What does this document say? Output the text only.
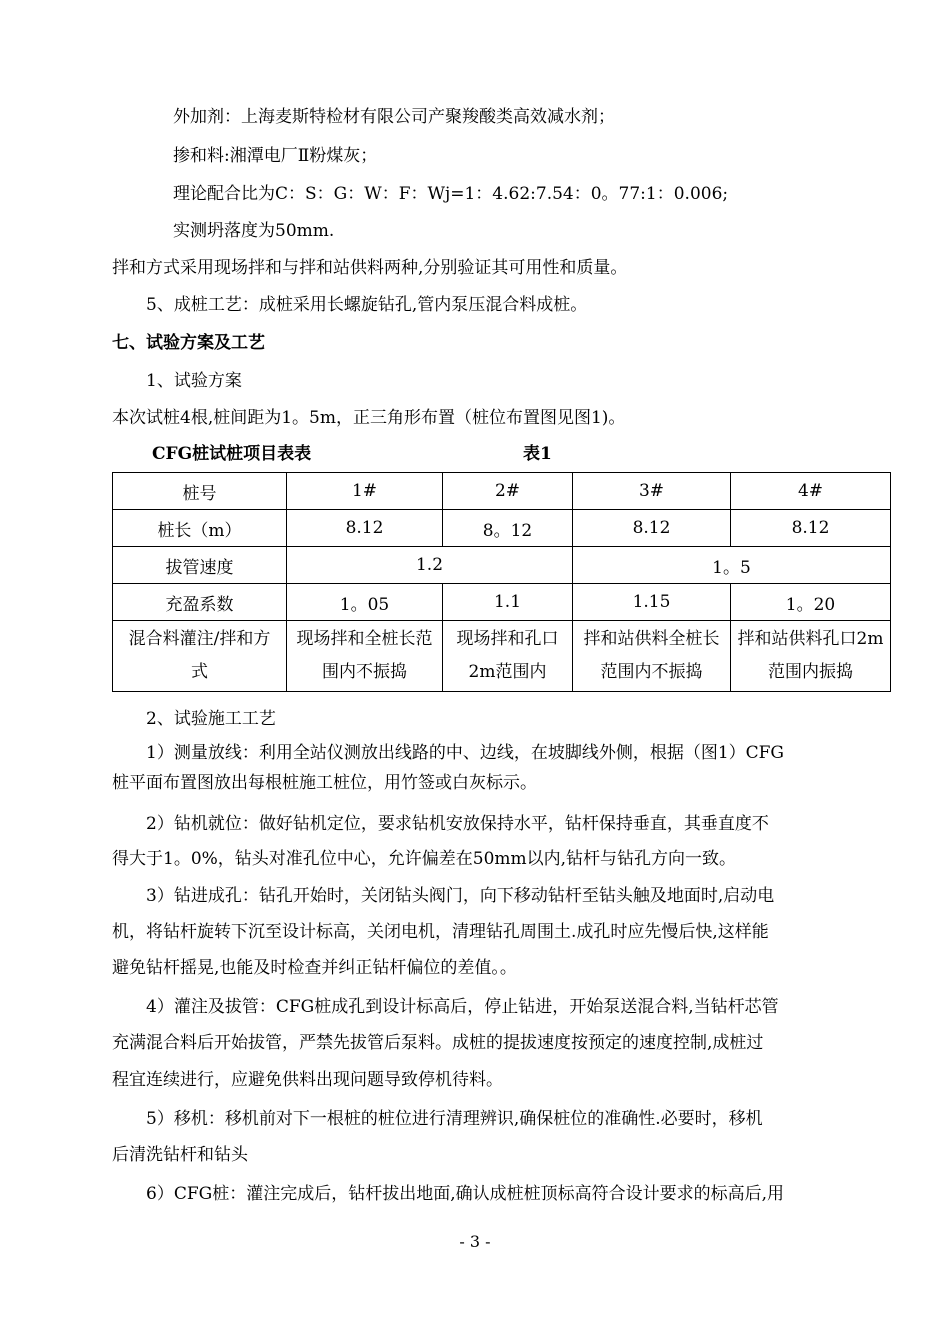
外加剂：上海麦斯特检材有限公司产聚羧酸类高效减水剂；
掺和料:湘潭电厂Ⅱ粉煤灰；
理论配合比为C：S：G：W：F：Wj=1：4.62:7.54：0。77:1：0.006;
实测坍落度为50mm.
拌和方式采用现场拌和与拌和站供料两种,分别验证其可用性和质量。
5、成桩工艺：成桩采用长螺旋钻孔,管内泵压混合料成桩。
七、试验方案及工艺
1、试验方案
本次试桩4根,桩间距为1。5m，正三角形布置（桩位布置图见图1)。
CFG桩试桩项目表表	表1
桩号	1#	2#	3#	4#
桩长（m）	8.12	8。12	8.12	8.12
拔管速度	1.2		1。5	
充盈系数	1。05	1.1	1.15	1。20
混合料灌注/拌和方式	现场拌和全桩长范围内不振捣	现场拌和孔口2m范围内	拌和站供料全桩长范围内不振捣	拌和站供料孔口2m范围内振捣
2、试验施工工艺
1）测量放线：利用全站仪测放出线路的中、边线，在坡脚线外侧，根据（图1）CFG
桩平面布置图放出每根桩施工桩位，用竹签或白灰标示。
2）钻机就位：做好钻机定位，要求钻机安放保持水平，钻杆保持垂直，其垂直度不
得大于1。0%，钻头对准孔位中心，允许偏差在50mm以内,钻杆与钻孔方向一致。
3）钻进成孔：钻孔开始时，关闭钻头阀门，向下移动钻杆至钻头触及地面时,启动电
机，将钻杆旋转下沉至设计标高，关闭电机，清理钻孔周围土.成孔时应先慢后快,这样能
避免钻杆摇晃,也能及时检查并纠正钻杆偏位的差值。。
4）灌注及拔管：CFG桩成孔到设计标高后，停止钻进，开始泵送混合料,当钻杆芯管
充满混合料后开始拔管，严禁先拔管后泵料。成桩的提拔速度按预定的速度控制,成桩过
程宜连续进行，应避免供料出现问题导致停机待料。
5）移机：移机前对下一根桩的桩位进行清理辨识,确保桩位的准确性.必要时，移机
后清洗钻杆和钻头
6）CFG桩：灌注完成后，钻杆拔出地面,确认成桩桩顶标高符合设计要求的标高后,用
- 3 -
